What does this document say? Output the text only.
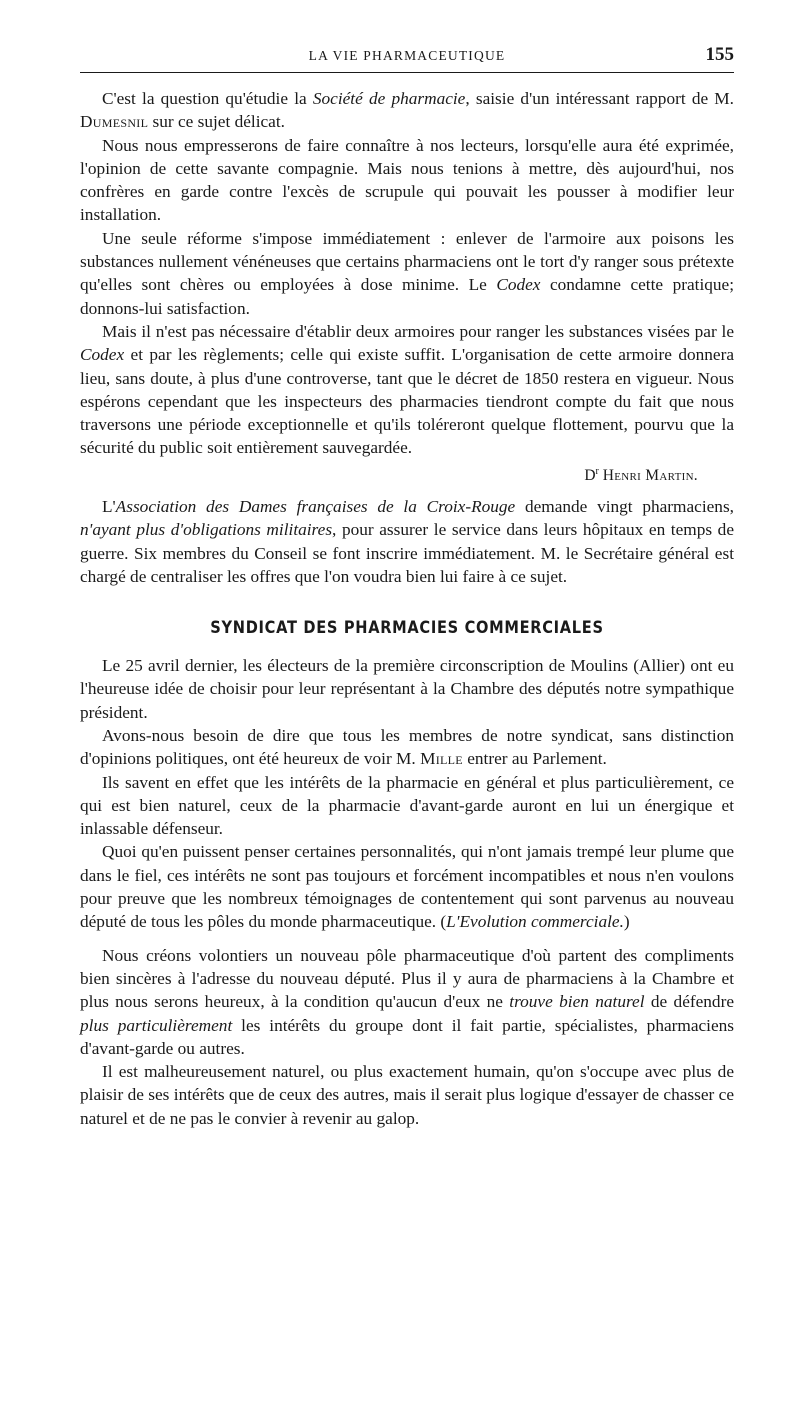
LA VIE PHARMACEUTIQUE	155

C'est la question qu'étudie la Société de pharmacie, saisie d'un intéressant rapport de M. Dumesnil sur ce sujet délicat.

Nous nous empresserons de faire connaître à nos lecteurs, lorsqu'elle aura été exprimée, l'opinion de cette savante compagnie. Mais nous tenions à mettre, dès aujourd'hui, nos confrères en garde contre l'excès de scrupule qui pouvait les pousser à modifier leur installation.

Une seule réforme s'impose immédiatement : enlever de l'armoire aux poisons les substances nullement vénéneuses que certains pharmaciens ont le tort d'y ranger sous prétexte qu'elles sont chères ou employées à dose minime. Le Codex condamne cette pratique; donnons-lui satisfaction.

Mais il n'est pas nécessaire d'établir deux armoires pour ranger les substances visées par le Codex et par les règlements; celle qui existe suffit. L'organisation de cette armoire donnera lieu, sans doute, à plus d'une controverse, tant que le décret de 1850 restera en vigueur. Nous espérons cependant que les inspecteurs des pharmacies tiendront compte du fait que nous traversons une période exceptionnelle et qu'ils toléreront quelque flottement, pourvu que la sécurité du public soit entièrement sauvegardée.

$D^r$ Henri Martin.

L'Association des Dames françaises de la Croix-Rouge demande vingt pharmaciens, n'ayant plus d'obligations militaires, pour assurer le service dans leurs hôpitaux en temps de guerre. Six membres du Conseil se font inscrire immédiatement. M. le Secrétaire général est chargé de centraliser les offres que l'on voudra bien lui faire à ce sujet.

SYNDICAT DES PHARMACIES COMMERCIALES

Le 25 avril dernier, les électeurs de la première circonscription de Moulins (Allier) ont eu l'heureuse idée de choisir pour leur représentant à la Chambre des députés notre sympathique président.

Avons-nous besoin de dire que tous les membres de notre syndicat, sans distinction d'opinions politiques, ont été heureux de voir M. Mille entrer au Parlement.

Ils savent en effet que les intérêts de la pharmacie en général et plus particulièrement, ce qui est bien naturel, ceux de la pharmacie d'avant-garde auront en lui un énergique et inlassable défenseur.

Quoi qu'en puissent penser certaines personnalités, qui n'ont jamais trempé leur plume que dans le fiel, ces intérêts ne sont pas toujours et forcément incompatibles et nous n'en voulons pour preuve que les nombreux témoignages de contentement qui sont parvenus au nouveau député de tous les pôles du monde pharmaceutique. (L'Evolution commerciale.)

Nous créons volontiers un nouveau pôle pharmaceutique d'où partent des compliments bien sincères à l'adresse du nouveau député. Plus il y aura de pharmaciens à la Chambre et plus nous serons heureux, à la condition qu'aucun d'eux ne trouve bien naturel de défendre plus particulièrement les intérêts du groupe dont il fait partie, spécialistes, pharmaciens d'avant-garde ou autres.

Il est malheureusement naturel, ou plus exactement humain, qu'on s'occupe avec plus de plaisir de ses intérêts que de ceux des autres, mais il serait plus logique d'essayer de chasser ce naturel et de ne pas le convier à revenir au galop.
